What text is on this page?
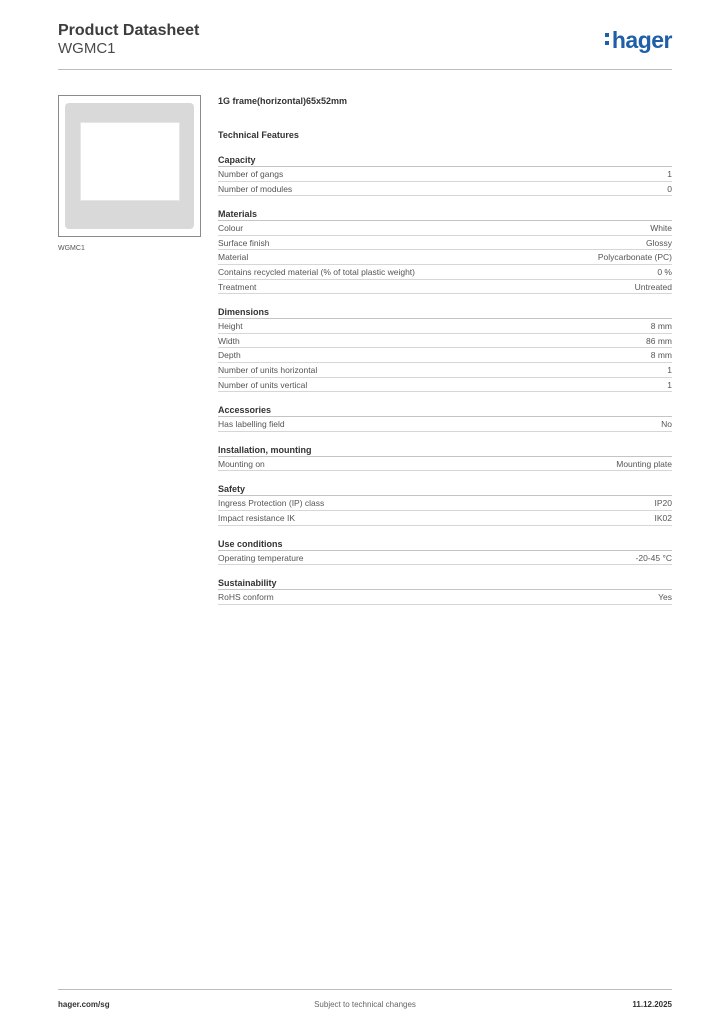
Product Datasheet
WGMC1	hager
WGMC1
1G frame(horizontal)65x52mm
Technical Features
Capacity
Number of gangs	1
Number of modules	0
Materials
Colour	White
Surface finish	Glossy
Material	Polycarbonate (PC)
Contains recycled material (% of total plastic weight)	0 %
Treatment	Untreated
Dimensions
Height	8 mm
Width	86 mm
Depth	8 mm
Number of units horizontal	1
Number of units vertical	1
Accessories
Has labelling field	No
Installation, mounting
Mounting on	Mounting plate
Safety
Ingress Protection (IP) class	IP20
Impact resistance IK	IK02
Use conditions
Operating temperature	-20-45 °C
Sustainability
RoHS conform	Yes
hager.com/sg	Subject to technical changes	11.12.2025
